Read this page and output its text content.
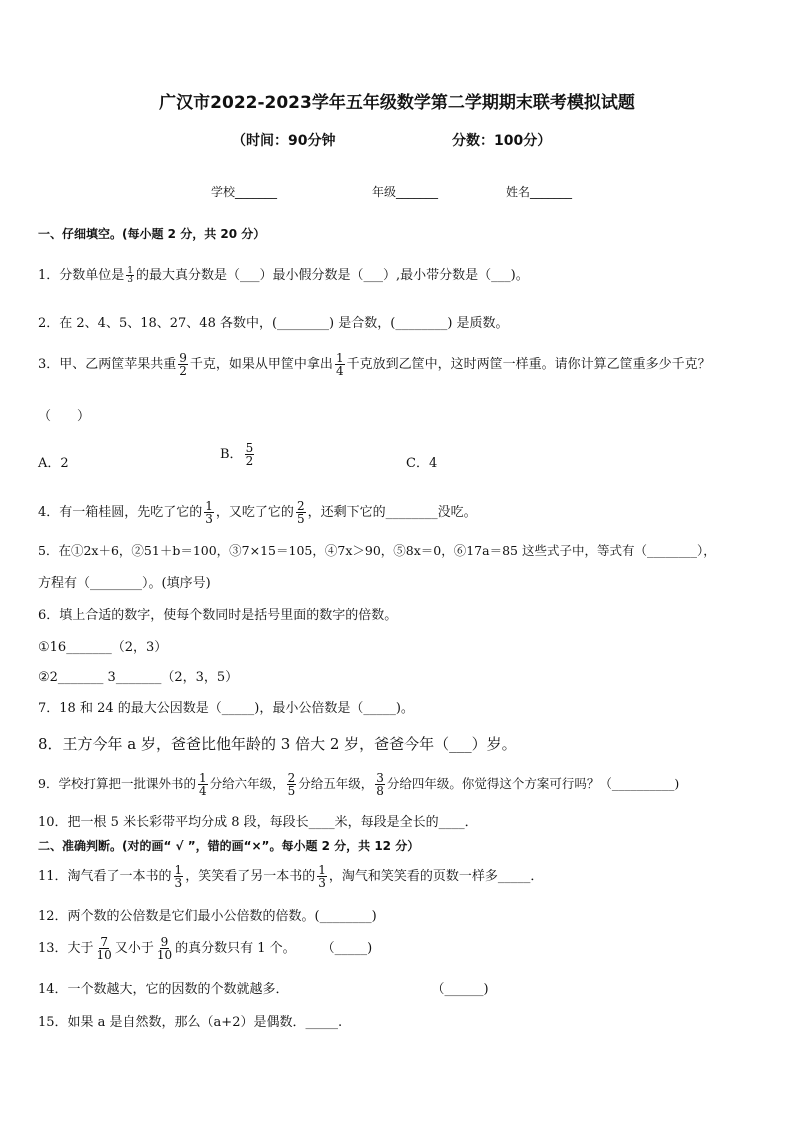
广汉市2022-2023学年五年级数学第二学期期末联考模拟试题
（时间：90分钟	分数：100分）
学校_______	年级_______	姓名_______
一、仔细填空。(每小题 2 分，共 20 分）
1．分数单位是 $\frac{1}{3}$ 的最大真分数是（___）最小假分数是（___）,最小带分数是（___)。
2．在 2、4、5、18、27、48 各数中，(________) 是合数，(________) 是质数。
3．甲、乙两筐苹果共重 $\frac{9}{2}$ 千克，如果从甲筐中拿出 $\frac{1}{4}$ 千克放到乙筐中，这时两筐一样重。请你计算乙筐重多少千克？
（　　）
A．2
B． $\frac{5}{2}$	C．4
4．有一箱桂圆，先吃了它的 $\frac{1}{3}$ ，又吃了它的 $\frac{2}{5}$ ，还剩下它的________没吃。
5．在①2x＋6，②51＋b＝100，③7×15＝105，④7x＞90，⑤8x＝0，⑥17a＝85 这些式子中，等式有（________），
方程有（________）。(填序号)
6．填上合适的数字，使每个数同时是括号里面的数字的倍数。
①16_______（2，3）
②2_______ 3_______（2，3，5）
7．18 和 24 的最大公因数是（_____)，最小公倍数是（_____)。
8．王方今年 a 岁，爸爸比他年龄的 3 倍大 2 岁，爸爸今年（___）岁。
9．学校打算把一批课外书的 $\frac{1}{4}$ 分给六年级， $\frac{2}{5}$ 分给五年级， $\frac{3}{8}$ 分给四年级。你觉得这个方案可行吗？（__________)
10．把一根 5 米长彩带平均分成 8 段，每段长____米，每段是全长的____．
二、准确判断。(对的画“ √ ”，错的画“×”。每小题 2 分，共 12 分）
11．淘气看了一本书的 $\frac{1}{3}$ ，笑笑看了另一本书的 $\frac{1}{3}$ ，淘气和笑笑看的页数一样多_____．
12．两个数的公倍数是它们最小公倍数的倍数。(________)
13．大于 $\frac{7}{10}$ 又小于 $\frac{9}{10}$ 的真分数只有 1 个。　　　（_____)
14．一个数越大，它的因数的个数就越多．　　　　　　　　　　　　（______)
15．如果 a 是自然数，那么（a+2）是偶数．_____.
